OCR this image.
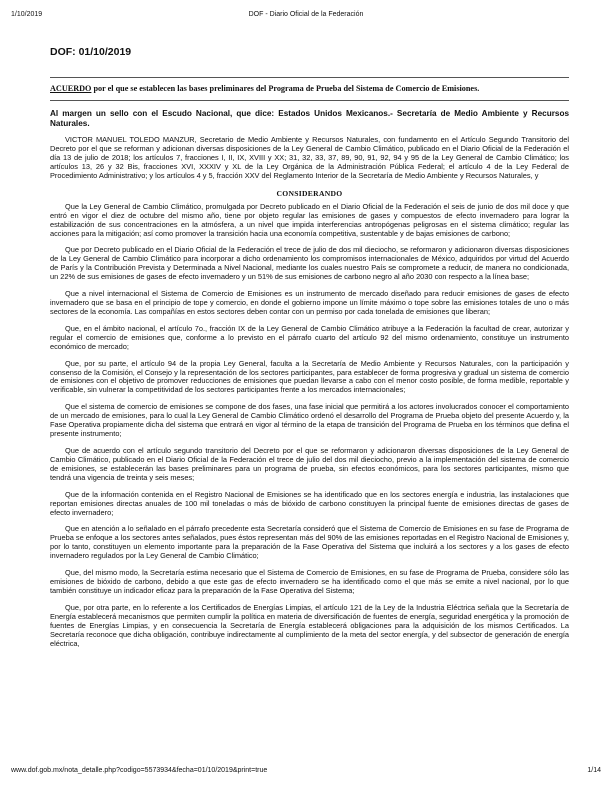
1/10/2019	DOF - Diario Oficial de la Federación
DOF: 01/10/2019
ACUERDO por el que se establecen las bases preliminares del Programa de Prueba del Sistema de Comercio de Emisiones.
Al margen un sello con el Escudo Nacional, que dice: Estados Unidos Mexicanos.- Secretaría de Medio Ambiente y Recursos Naturales.

VICTOR MANUEL TOLEDO MANZUR, Secretario de Medio Ambiente y Recursos Naturales, con fundamento en el Artículo Segundo Transitorio del Decreto por el que se reforman y adicionan diversas disposiciones de la Ley General de Cambio Climático, publicado en el Diario Oficial de la Federación el día 13 de julio de 2018; los artículos 7, fracciones I, II, IX, XVIII y XX; 31, 32, 33, 37, 89, 90, 91, 92, 94 y 95 de la Ley General de Cambio Climático; los artículos 13, 26 y 32 Bis, fracciones XVI, XXXIV y XL de la Ley Orgánica de la Administración Pública Federal; el artículo 4 de la Ley Federal de Procedimiento Administrativo; y los artículos 4 y 5, fracción XXV del Reglamento Interior de la Secretaría de Medio Ambiente y Recursos Naturales, y

CONSIDERANDO

Que la Ley General de Cambio Climático, promulgada por Decreto publicado en el Diario Oficial de la Federación el seis de junio de dos mil doce y que entró en vigor el diez de octubre del mismo año, tiene por objeto regular las emisiones de gases y compuestos de efecto invernadero para lograr la estabilización de sus concentraciones en la atmósfera, a un nivel que impida interferencias antropógenas peligrosas en el sistema climático; regular las acciones para la mitigación; así como promover la transición hacia una economía competitiva, sustentable y de bajas emisiones de carbono;

Que por Decreto publicado en el Diario Oficial de la Federación el trece de julio de dos mil dieciocho, se reformaron y adicionaron diversas disposiciones de la Ley General de Cambio Climático para incorporar a dicho ordenamiento los compromisos internacionales de México, adquiridos por virtud del Acuerdo de París y la Contribución Prevista y Determinada a Nivel Nacional, mediante los cuales nuestro País se compromete a reducir, de manera no condicionada, un 22% de sus emisiones de gases de efecto invernadero y un 51% de sus emisiones de carbono negro al año 2030 con respecto a la línea base;

Que a nivel internacional el Sistema de Comercio de Emisiones es un instrumento de mercado diseñado para reducir emisiones de gases de efecto invernadero que se basa en el principio de tope y comercio, en donde el gobierno impone un límite máximo o tope sobre las emisiones totales de uno o más sectores de la economía. Las compañías en estos sectores deben contar con un permiso por cada tonelada de emisiones que liberan;

Que, en el ámbito nacional, el artículo 7o., fracción IX de la Ley General de Cambio Climático atribuye a la Federación la facultad de crear, autorizar y regular el comercio de emisiones que, conforme a lo previsto en el párrafo cuarto del artículo 92 del mismo ordenamiento, constituye un instrumento económico de mercado;

Que, por su parte, el artículo 94 de la propia Ley General, faculta a la Secretaría de Medio Ambiente y Recursos Naturales, con la participación y consenso de la Comisión, el Consejo y la representación de los sectores participantes, para establecer de forma progresiva y gradual un sistema de comercio de emisiones con el objetivo de promover reducciones de emisiones que puedan llevarse a cabo con el menor costo posible, de forma medible, reportable y verificable, sin vulnerar la competitividad de los sectores participantes frente a los mercados internacionales;

Que el sistema de comercio de emisiones se compone de dos fases, una fase inicial que permitirá a los actores involucrados conocer el comportamiento de un mercado de emisiones, para lo cual la Ley General de Cambio Climático ordenó el desarrollo del Programa de Prueba objeto del presente Acuerdo y, la Fase Operativa propiamente dicha del sistema que entrará en vigor al término de la etapa de transición del Programa de Prueba en los términos que defina el presente instrumento;

Que de acuerdo con el artículo segundo transitorio del Decreto por el que se reformaron y adicionaron diversas disposiciones de la Ley General de Cambio Climático, publicado en el Diario Oficial de la Federación el trece de julio del dos mil dieciocho, previo a la implementación del sistema de comercio de emisiones, se establecerán las bases preliminares para un programa de prueba, sin efectos económicos, para los sectores participantes, mismo que tendrá una vigencia de treinta y seis meses;

Que de la información contenida en el Registro Nacional de Emisiones se ha identificado que en los sectores energía e industria, las instalaciones que reportan emisiones directas anuales de 100 mil toneladas o más de bióxido de carbono constituyen la principal fuente de emisiones directas de gases de efecto invernadero;

Que en atención a lo señalado en el párrafo precedente esta Secretaría consideró que el Sistema de Comercio de Emisiones en su fase de Programa de Prueba se enfoque a los sectores antes señalados, pues éstos representan más del 90% de las emisiones reportadas en el Registro Nacional de Emisiones y, por lo tanto, constituyen un elemento importante para la preparación de la Fase Operativa del Sistema que incluirá a los sectores y a los gases de efecto invernadero regulados por la Ley General de Cambio Climático;

Que, del mismo modo, la Secretaría estima necesario que el Sistema de Comercio de Emisiones, en su fase de Programa de Prueba, considere sólo las emisiones de bióxido de carbono, debido a que este gas de efecto invernadero se ha identificado como el que más se emite a nivel nacional, por lo que también constituye un indicador eficaz para la preparación de la Fase Operativa del Sistema;

Que, por otra parte, en lo referente a los Certificados de Energías Limpias, el artículo 121 de la Ley de la Industria Eléctrica señala que la Secretaría de Energía establecerá mecanismos que permiten cumplir la política en materia de diversificación de fuentes de energía, seguridad energética y la promoción de fuentes de Energías Limpias, y en consecuencia la Secretaría de Energía establecerá obligaciones para la adquisición de los mismos Certificados. La Secretaría reconoce que dicha obligación, contribuye indirectamente al cumplimiento de la meta del sector energía, y del subsector de generación de energía eléctrica,

www.dof.gob.mx/nota_detalle.php?codigo=5573934&fecha=01/10/2019&print=true	1/14
